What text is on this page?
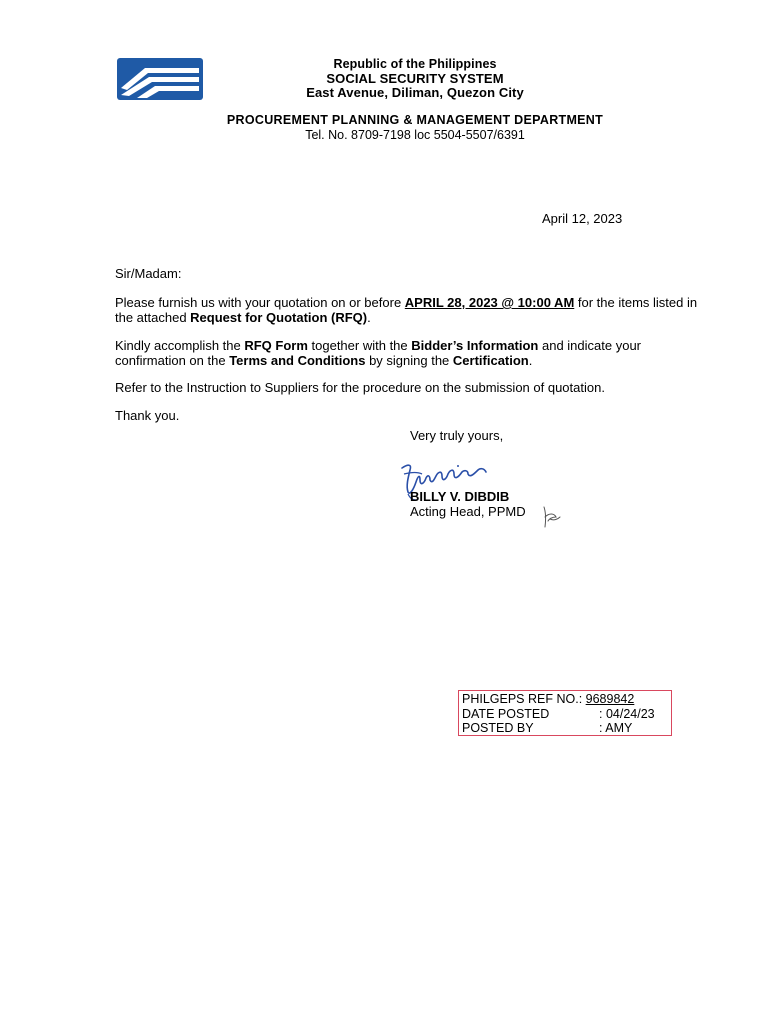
Republic of the Philippines
SOCIAL SECURITY SYSTEM
East Avenue, Diliman, Quezon City
PROCUREMENT PLANNING & MANAGEMENT DEPARTMENT
Tel. No. 8709-7198 loc 5504-5507/6391
April 12, 2023
Sir/Madam:
Please furnish us with your quotation on or before APRIL 28, 2023 @ 10:00 AM for the items listed in the attached Request for Quotation (RFQ).
Kindly accomplish the RFQ Form together with the Bidder’s Information and indicate your confirmation on the Terms and Conditions by signing the Certification.
Refer to the Instruction to Suppliers for the procedure on the submission of quotation.
Thank you.
Very truly yours,
BILLY V. DIBDIB
Acting Head, PPMD
PHILGEPS REF NO.:
9689842
DATE POSTED	: 04/24/23
POSTED BY	: AMY
